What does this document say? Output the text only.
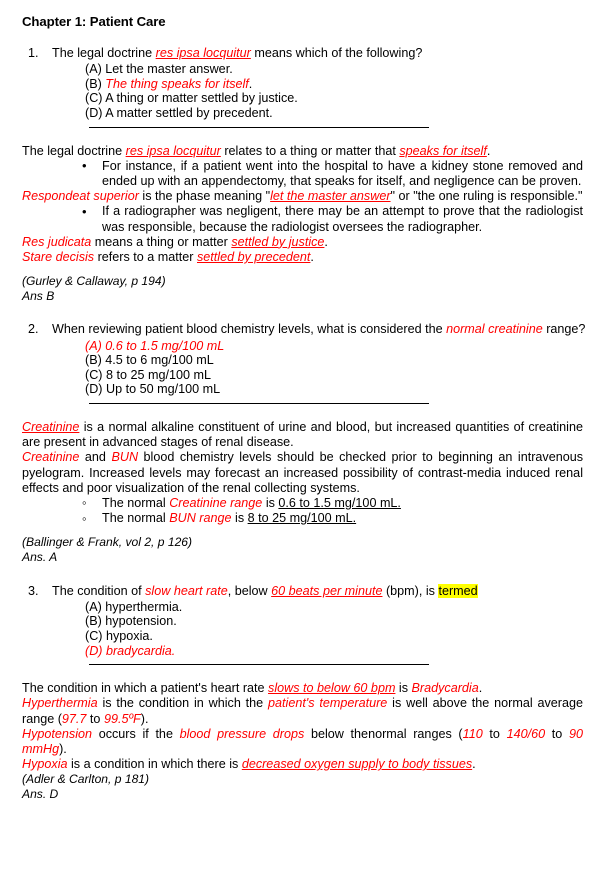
Chapter 1: Patient Care
1. The legal doctrine res ipsa locquitur means which of the following?
(A) Let the master answer.
(B) The thing speaks for itself.
(C) A thing or matter settled by justice.
(D) A matter settled by precedent.

The legal doctrine res ipsa locquitur relates to a thing or matter that speaks for itself.

• For instance, if a patient went into the hospital to have a kidney stone removed and ended up with an appendectomy, that speaks for itself, and negligence can be proven.

Respondeat superior is the phase meaning "let the master answer" or "the one ruling is responsible."

• If a radiographer was negligent, there may be an attempt to prove that the radiologist was responsible, because the radiologist oversees the radiographer.

Res judicata means a thing or matter settled by justice.

Stare decisis refers to a matter settled by precedent.

(Gurley & Callaway, p 194)

Ans B

2. When reviewing patient blood chemistry levels, what is considered the normal creatinine range?
(A) 0.6 to 1.5 mg/100 mL
(B) 4.5 to 6 mg/100 mL
(C) 8 to 25 mg/100 mL
(D) Up to 50 mg/100 mL

Creatinine is a normal alkaline constituent of urine and blood, but increased quantities of creatinine are present in advanced stages of renal disease.

Creatinine and BUN blood chemistry levels should be checked prior to beginning an intravenous pyelogram. Increased levels may forecast an increased possibility of contrast-media induced renal effects and poor visualization of the renal collecting systems.

◦ The normal Creatinine range is 0.6 to 1.5 mg/100 mL.
◦ The normal BUN range is 8 to 25 mg/100 mL.

(Ballinger & Frank, vol 2, p 126)

Ans. A

3. The condition of slow heart rate, below 60 beats per minute (bpm), is termed
(A) hyperthermia.
(B) hypotension.
(C) hypoxia.
(D) bradycardia.

The condition in which a patient's heart rate slows to below 60 bpm is Bradycardia.

Hyperthermia is the condition in which the patient's temperature is well above the normal average range (97.7 to 99.5ºF).

Hypotension occurs if the blood pressure drops below thenormal ranges (110 to 140/60 to 90 mmHg).

Hypoxia is a condition in which there is decreased oxygen supply to body tissues.

(Adler & Carlton, p 181)

Ans. D
